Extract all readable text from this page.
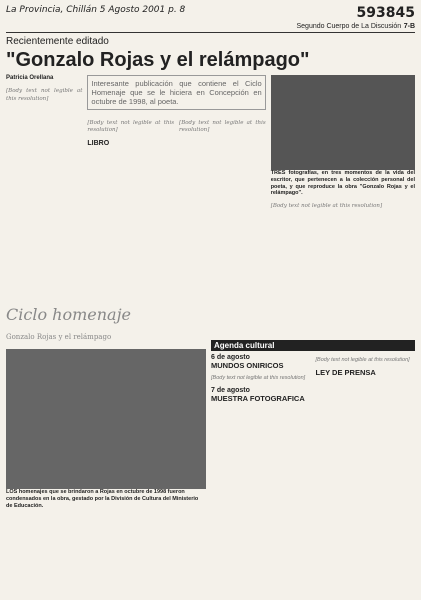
La Provincia, Chillán 5 Agosto 2001 p. 8	593845
Segundo Cuerpo de La Discusión 7-B
Recientemente editado
"Gonzalo Rojas y el relámpago"
Patricia Orellana

[Body text not legible at this resolution]

Interesante publicación que contiene el Ciclo Homenaje que se le hiciera en Concepción en octubre de 1998, al poeta.

[Body text not legible at this resolution]

LIBRO

[Body text not legible at this resolution]

TRES fotografías, en tres momentos de la vida del escritor, que pertenecen a la colección personal del poeta, y que reproduce la obra "Gonzalo Rojas y el relámpago".

[Body text not legible at this resolution]

Ciclo homenaje
Gonzalo Rojas y el relámpago
LOS homenajes que se brindaron a Rojas en octubre de 1998 fueron condensados en la obra, gestado por la División de Cultura del Ministerio de Educación.
Agenda cultural
6 de agosto
MUNDOS ONIRICOS

[Body text not legible at this resolution]

7 de agosto
MUESTRA FOTOGRAFICA

[Body text not legible at this resolution]

LEY DE PRENSA
